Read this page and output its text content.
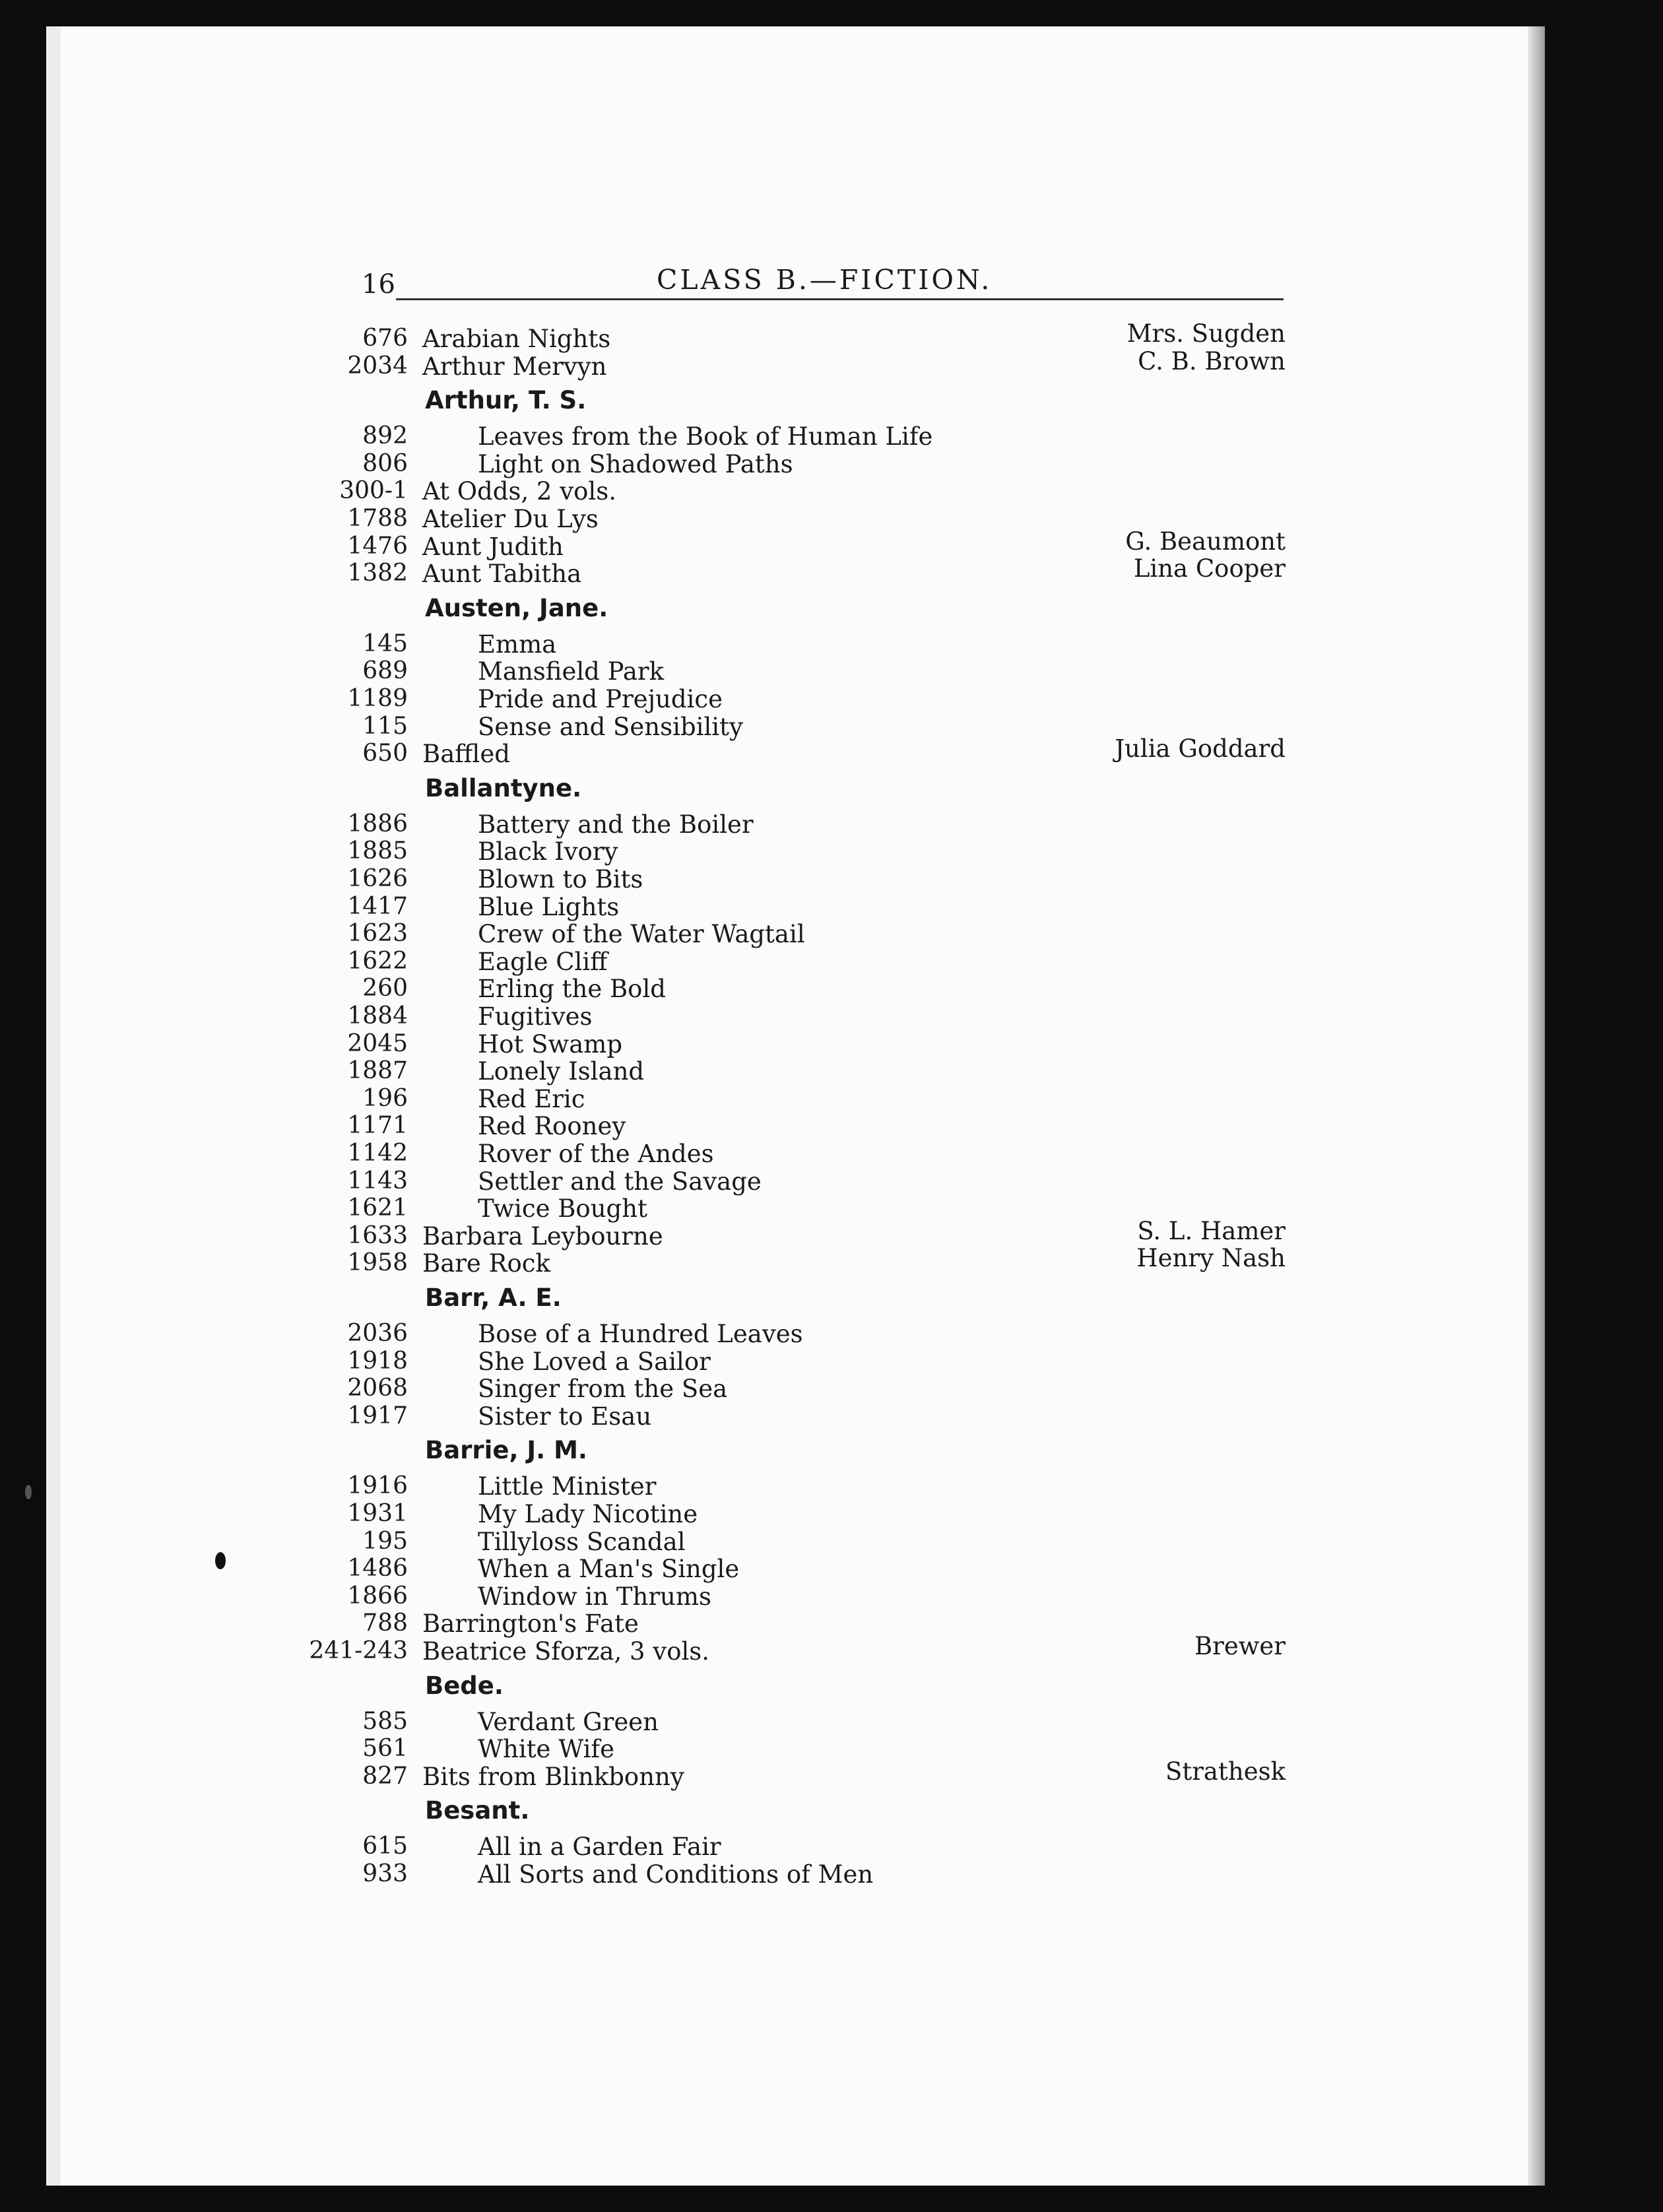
16	CLASS B.—FICTION.
676 Arabian Nights	Mrs. Sugden
2034 Arthur Mervyn	C. B. Brown
Arthur, T. S.
892	Leaves from the Book of Human Life
806	Light on Shadowed Paths
300-1 At Odds, 2 vols.
1788 Atelier Du Lys
1476 Aunt Judith	G. Beaumont
1382 Aunt Tabitha	Lina Cooper
Austen, Jane.
145	Emma
689	Mansfield Park
1189	Pride and Prejudice
115	Sense and Sensibility
650 Baffled	Julia Goddard
Ballantyne.
1886	Battery and the Boiler
1885	Black Ivory
1626	Blown to Bits
1417	Blue Lights
1623	Crew of the Water Wagtail
1622	Eagle Cliff
260	Erling the Bold
1884	Fugitives
2045	Hot Swamp
1887	Lonely Island
196	Red Eric
1171	Red Rooney
1142	Rover of the Andes
1143	Settler and the Savage
1621	Twice Bought
1633 Barbara Leybourne	S. L. Hamer
1958 Bare Rock	Henry Nash
Barr, A. E.
2036	Bose of a Hundred Leaves
1918	She Loved a Sailor
2068	Singer from the Sea
1917	Sister to Esau
Barrie, J. M.
1916	Little Minister
1931	My Lady Nicotine
195	Tillyloss Scandal
1486	When a Man's Single
1866	Window in Thrums
788 Barrington's Fate
241-243 Beatrice Sforza, 3 vols.	Brewer
Bede.
585	Verdant Green
561	White Wife
827 Bits from Blinkbonny	Strathesk
Besant.
615	All in a Garden Fair
933	All Sorts and Conditions of Men
